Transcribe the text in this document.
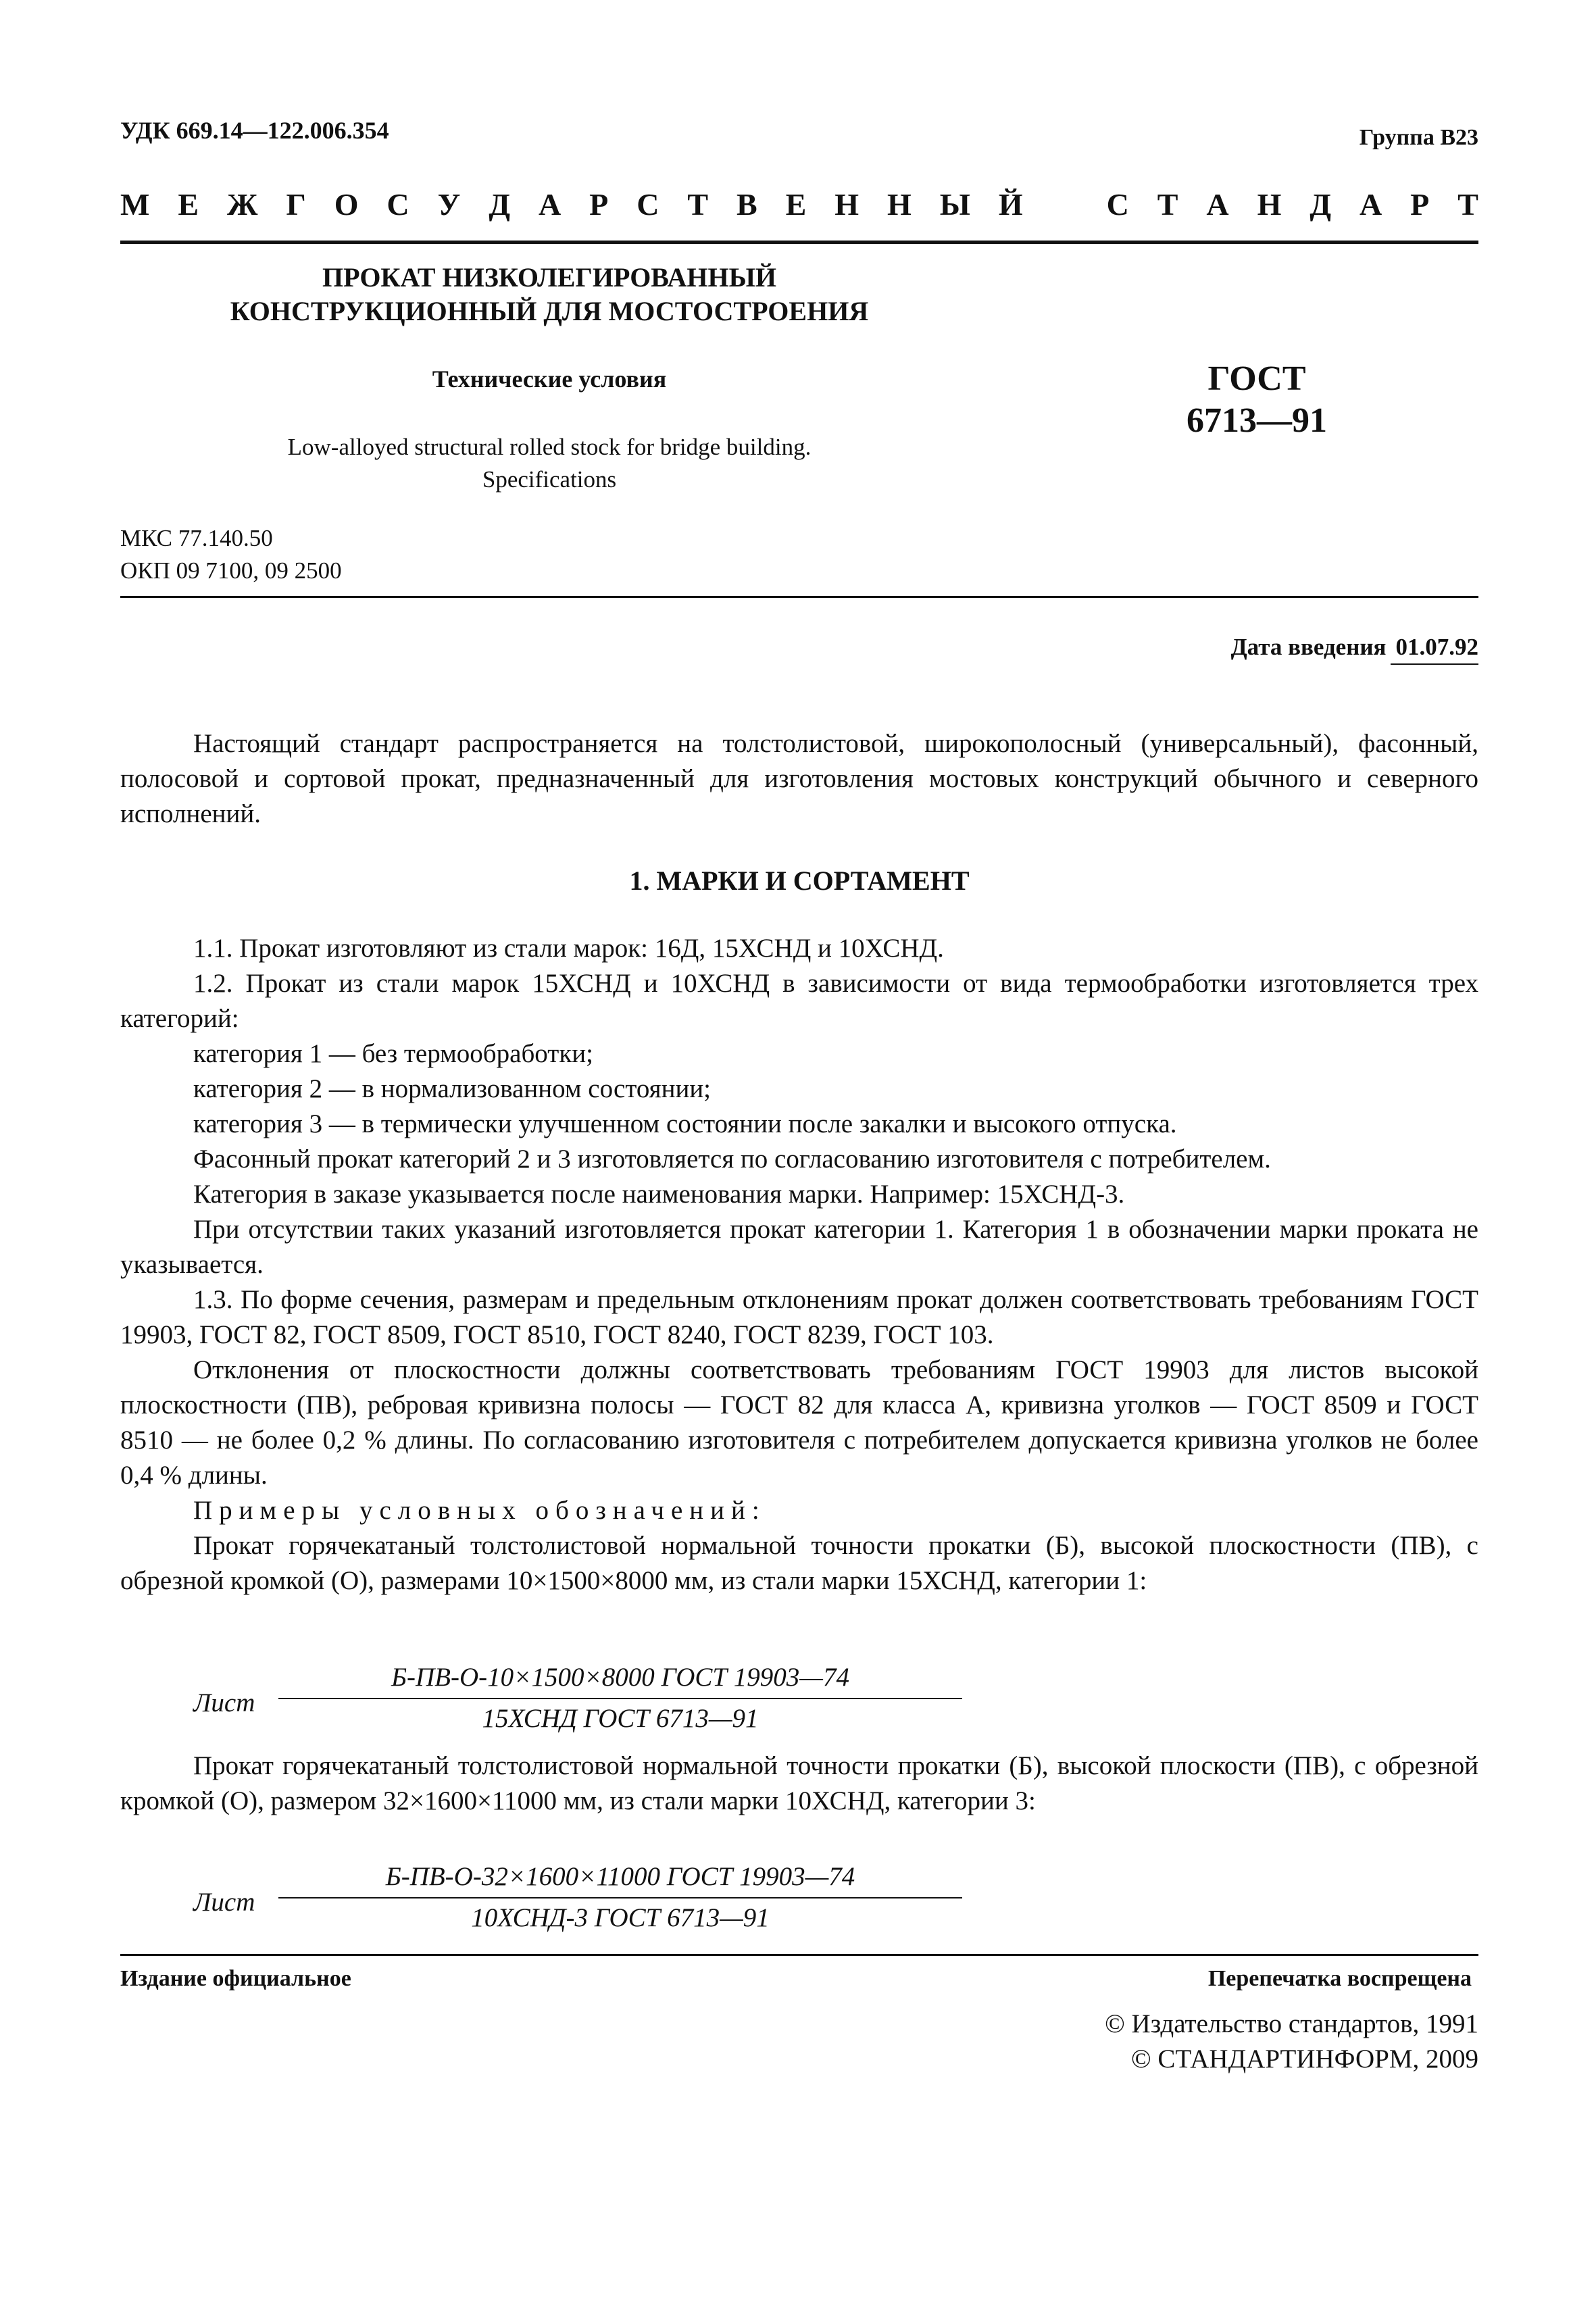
УДК 669.14—122.006.354	Группа В23
М Е Ж Г О С У Д А Р С Т В Е Н Н Ы Й	С Т А Н Д А Р Т
ПРОКАТ НИЗКОЛЕГИРОВАННЫЙ
КОНСТРУКЦИОННЫЙ ДЛЯ МОСТОСТРОЕНИЯ
Технические условия
Low-alloyed structural rolled stock for bridge building.
Specifications
ГОСТ
6713—91
МКС 77.140.50
ОКП 09 7100, 09 2500
Дата введения 01.07.92

Настоящий стандарт распространяется на толстолистовой, широкополосный (универсальный), фасонный, полосовой и сортовой прокат, предназначенный для изготовления мостовых конструкций обычного и северного исполнений.

1. МАРКИ И СОРТАМЕНТ

1.1. Прокат изготовляют из стали марок: 16Д, 15ХСНД и 10ХСНД.

1.2. Прокат из стали марок 15ХСНД и 10ХСНД в зависимости от вида термообработки изготовляется трех категорий:

категория 1 — без термообработки;

категория 2 — в нормализованном состоянии;

категория 3 — в термически улучшенном состоянии после закалки и высокого отпуска.

Фасонный прокат категорий 2 и 3 изготовляется по согласованию изготовителя с потребителем.

Категория в заказе указывается после наименования марки. Например: 15ХСНД-3.

При отсутствии таких указаний изготовляется прокат категории 1. Категория 1 в обозначении марки проката не указывается.

1.3. По форме сечения, размерам и предельным отклонениям прокат должен соответствовать требованиям ГОСТ 19903, ГОСТ 82, ГОСТ 8509, ГОСТ 8510, ГОСТ 8240, ГОСТ 8239, ГОСТ 103.

Отклонения от плоскостности должны соответствовать требованиям ГОСТ 19903 для листов высокой плоскостности (ПВ), ребровая кривизна полосы — ГОСТ 82 для класса А, кривизна уголков — ГОСТ 8509 и ГОСТ 8510 — не более 0,2 % длины. По согласованию изготовителя с потребителем допускается кривизна уголков не более 0,4 % длины.

Примеры условных обозначений:

Прокат горячекатаный толстолистовой нормальной точности прокатки (Б), высокой плоскостности (ПВ), с обрезной кромкой (О), размерами 10×1500×8000 мм, из стали марки 15ХСНД, категории 1:

Лист
Б-ПВ-О-10×1500×8000 ГОСТ 19903—74
15ХСНД ГОСТ 6713—91

Прокат горячекатаный толстолистовой нормальной точности прокатки (Б), высокой плоскости (ПВ), с обрезной кромкой (О), размером 32×1600×11000 мм, из стали марки 10ХСНД, категории 3:

Лист
Б-ПВ-О-32×1600×11000 ГОСТ 19903—74
10ХСНД-3 ГОСТ 6713—91
Издание официальное	Перепечатка воспрещена
© Издательство стандартов, 1991
© СТАНДАРТИНФОРМ, 2009
